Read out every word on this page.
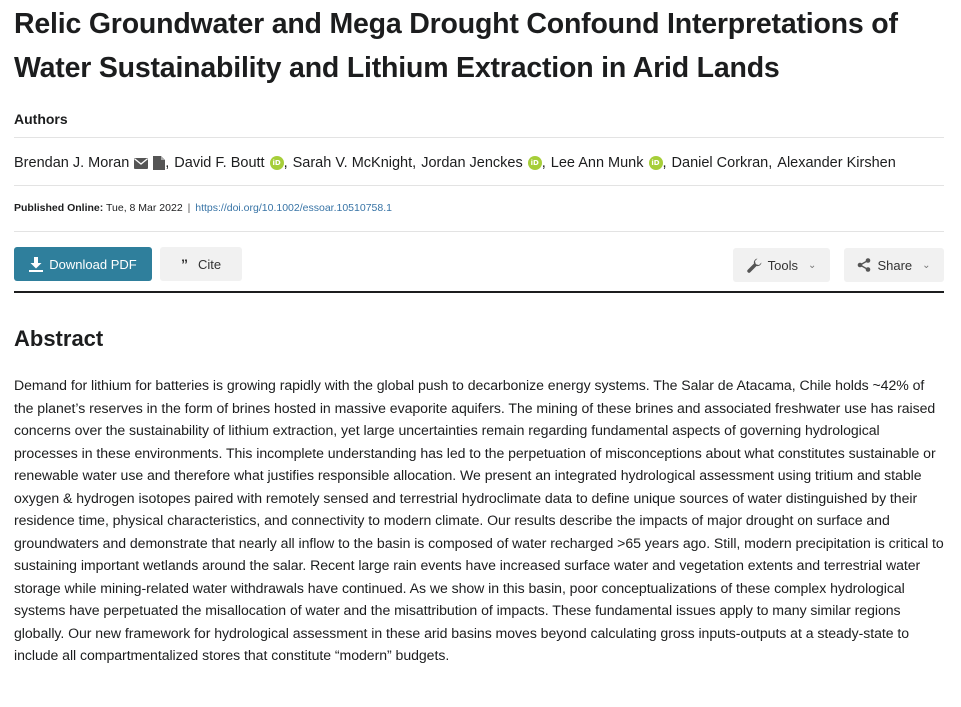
Relic Groundwater and Mega Drought Confound Interpretations of Water Sustainability and Lithium Extraction in Arid Lands
Authors
Brendan J. Moran , David F. Boutt	iD , Sarah V. McKnight , Jordan Jenckes	iD , Lee Ann Munk	iD , Daniel Corkran , Alexander Kirshen
Published Online: Tue, 8 Mar 2022 | https://doi.org/10.1002/essoar.10510758.1
Download PDF	” Cite	Tools ⌄	Share ⌄
Abstract

Demand for lithium for batteries is growing rapidly with the global push to decarbonize energy systems. The Salar de Atacama, Chile holds ~42% of the planet’s reserves in the form of brines hosted in massive evaporite aquifers. The mining of these brines and associated freshwater use has raised concerns over the sustainability of lithium extraction, yet large uncertainties remain regarding fundamental aspects of governing hydrological processes in these environments. This incomplete understanding has led to the perpetuation of misconceptions about what constitutes sustainable or renewable water use and therefore what justifies responsible allocation. We present an integrated hydrological assessment using tritium and stable oxygen & hydrogen isotopes paired with remotely sensed and terrestrial hydroclimate data to define unique sources of water distinguished by their residence time, physical characteristics, and connectivity to modern climate. Our results describe the impacts of major drought on surface and groundwaters and demonstrate that nearly all inflow to the basin is composed of water recharged >65 years ago. Still, modern precipitation is critical to sustaining important wetlands around the salar. Recent large rain events have increased surface water and vegetation extents and terrestrial water storage while mining-related water withdrawals have continued. As we show in this basin, poor conceptualizations of these complex hydrological systems have perpetuated the misallocation of water and the misattribution of impacts. These fundamental issues apply to many similar regions globally. Our new framework for hydrological assessment in these arid basins moves beyond calculating gross inputs-outputs at a steady-state to include all compartmentalized stores that constitute “modern” budgets.
